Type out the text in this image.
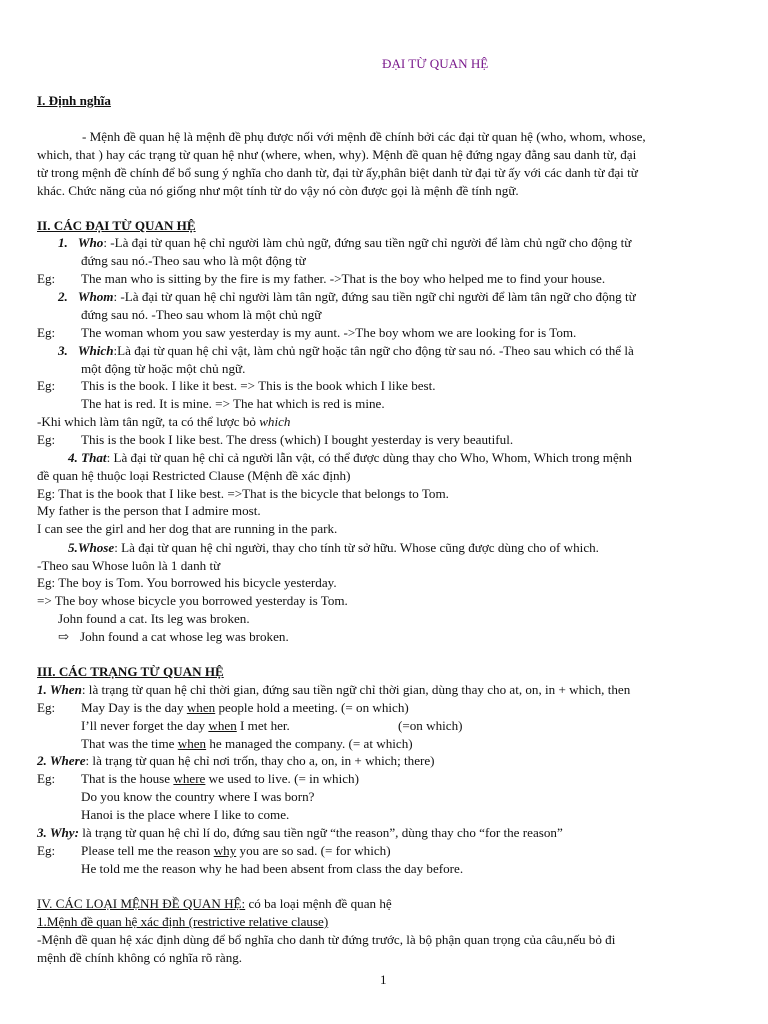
ĐẠI TỪ QUAN HỆ
I. Định nghĩa
- Mệnh đề quan hệ là mệnh đề phụ được nối với mệnh đề chính bởi các đại từ quan hệ (who, whom, whose,
which, that ) hay các trạng từ quan hệ như (where, when, why). Mệnh đề quan hệ đứng ngay đằng sau danh từ, đại
từ trong mệnh đề chính để bổ sung ý nghĩa cho danh từ, đại từ ấy,phân biệt danh từ đại từ ấy với các danh từ đại từ
khác. Chức năng của nó giống như một tính từ do vậy nó còn được gọi là mệnh đề tính ngữ.
II. CÁC ĐẠI TỪ QUAN HỆ
1. Who: -Là đại từ quan hệ chỉ người làm chủ ngữ, đứng sau tiền ngữ chỉ người để làm chủ ngữ cho động từ
đứng sau nó.-Theo sau who là một động từ
Eg: The man who is sitting by the fire is my father. ->That is the boy who helped me to find your house.
2. Whom: -Là đại từ quan hệ chỉ người làm tân ngữ, đứng sau tiền ngữ chỉ người để làm tân ngữ cho động từ
đứng sau nó. -Theo sau whom là một chủ ngữ
Eg: The woman whom you saw yesterday is my aunt. ->The boy whom we are looking for is Tom.
3. Which:Là đại từ quan hệ chỉ vật, làm chủ ngữ hoặc tân ngữ cho động từ sau nó. -Theo sau which có thể là
một động từ hoặc một chủ ngữ.
Eg: This is the book. I like it best. => This is the book which I like best.
The hat is red. It is mine. => The hat which is red is mine.
-Khi which làm tân ngữ, ta có thể lược bỏ which
Eg: This is the book I like best. The dress (which) I bought yesterday is very beautiful.
4. That: Là đại từ quan hệ chỉ cả người lẫn vật, có thể được dùng thay cho Who, Whom, Which trong mệnh
đề quan hệ thuộc loại Restricted Clause (Mệnh đề xác định)
Eg: That is the book that I like best. =>That is the bicycle that belongs to Tom.
My father is the person that I admire most.
I can see the girl and her dog that are running in the park.
5.Whose: Là đại từ quan hệ chỉ người, thay cho tính từ sở hữu. Whose cũng được dùng cho of which.
-Theo sau Whose luôn là 1 danh từ
Eg: The boy is Tom. You borrowed his bicycle yesterday.
=> The boy whose bicycle you borrowed yesterday is Tom.
John found a cat. Its leg was broken.
⇨ John found a cat whose leg was broken.
III. CÁC TRẠNG TỪ QUAN HỆ
1. When: là trạng từ quan hệ chỉ thời gian, đứng sau tiền ngữ chỉ thời gian, dùng thay cho at, on, in + which, then
Eg: May Day is the day when people hold a meeting. (= on which)
I’ll never forget the day when I met her.	(=on which)
That was the time when he managed the company. (= at which)
2. Where: là trạng từ quan hệ chỉ nơi trốn, thay cho a, on, in + which; there)
Eg: That is the house where we used to live. (= in which)
Do you know the country where I was born?
Hanoi is the place where I like to come.
3. Why: là trạng từ quan hệ chỉ lí do, đứng sau tiền ngữ “the reason”, dùng thay cho “for the reason”
Eg: Please tell me the reason why you are so sad. (= for which)
He told me the reason why he had been absent from class the day before.
IV. CÁC LOẠI MỆNH ĐỀ QUAN HỆ: có ba loại mệnh đề quan hệ
1.Mệnh đề quan hệ xác định (restrictive relative clause)
-Mệnh đề quan hệ xác định dùng để bổ nghĩa cho danh từ đứng trước, là bộ phận quan trọng của câu,nếu bỏ đi
mệnh đề chính không có nghĩa rõ ràng.
1
